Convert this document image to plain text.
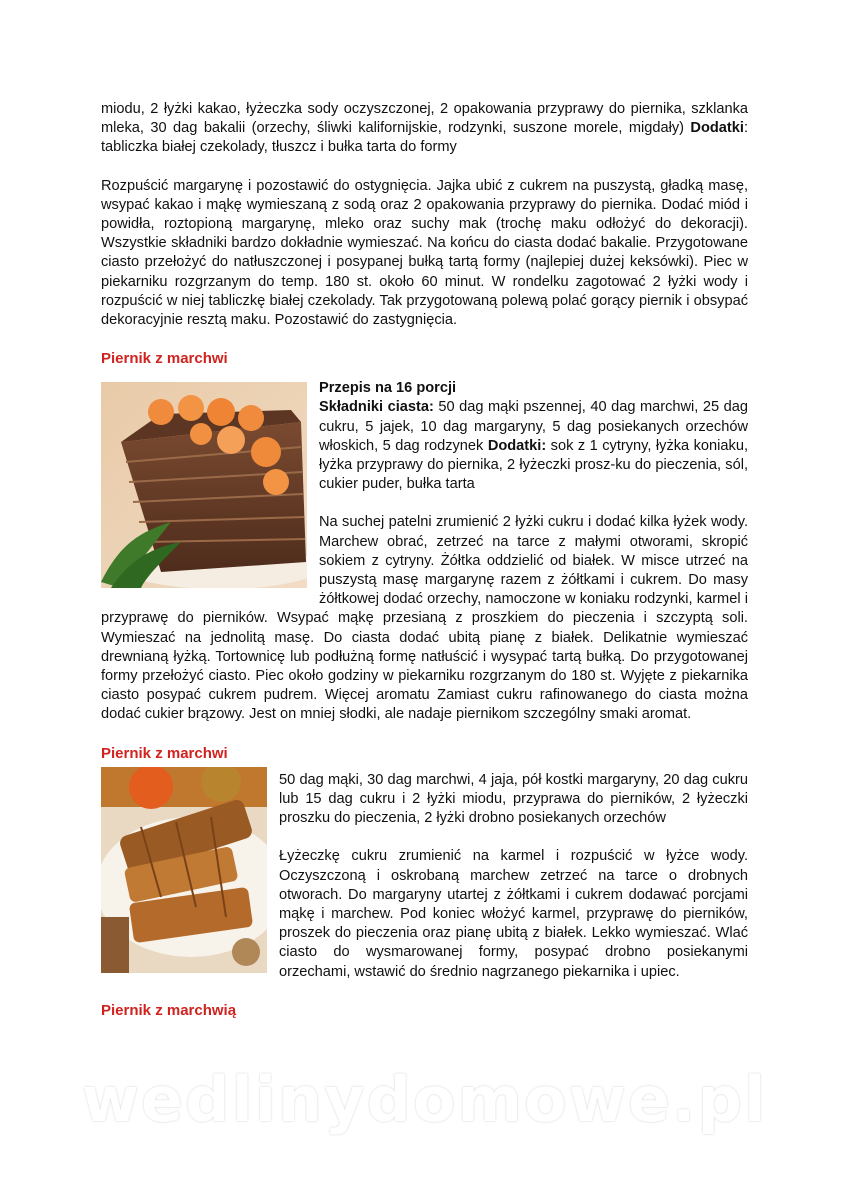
miodu, 2 łyżki kakao, łyżeczka sody oczyszczonej, 2 opakowania przyprawy do piernika, szklanka mleka, 30 dag bakalii (orzechy, śliwki kalifornijskie, rodzynki, suszone morele, migdały) Dodatki: tabliczka białej czekolady, tłuszcz i bułka tarta do formy

Rozpuścić margarynę i pozostawić do ostygnięcia. Jajka ubić z cukrem na puszystą, gładką masę, wsypać kakao i mąkę wymieszaną z sodą oraz 2 opakowania przyprawy do piernika. Dodać miód i powidła, roztopioną margarynę, mleko oraz suchy mak (trochę maku odłożyć do dekoracji). Wszystkie składniki bardzo dokładnie wymieszać. Na końcu do ciasta dodać bakalie. Przygotowane ciasto przełożyć do natłuszczonej i posypanej bułką tartą formy (najlepiej dużej keksówki). Piec w piekarniku rozgrzanym do temp. 180 st. około 60 minut. W rondelku zagotować 2 łyżki wody i rozpuścić w niej tabliczkę białej czekolady. Tak przygotowaną polewą polać gorący piernik i obsypać dekoracyjnie resztą maku. Pozostawić do zastygnięcia.

Piernik z marchwi

Przepis na 16 porcji

Składniki ciasta: 50 dag mąki pszennej, 40 dag marchwi, 25 dag cukru, 5 jajek, 10 dag margaryny, 5 dag posiekanych orzechów włoskich, 5 dag rodzynek Dodatki: sok z 1 cytryny, łyżka koniaku, łyżka przyprawy do piernika, 2 łyżeczki prosz-ku do pieczenia, sól, cukier puder, bułka tarta

Na suchej patelni zrumienić 2 łyżki cukru i dodać kilka łyżek wody. Marchew obrać, zetrzeć na tarce z małymi otworami, skropić sokiem z cytryny. Żółtka oddzielić od białek. W misce utrzeć na puszystą masę margarynę razem z żółtkami i cukrem. Do masy żółtkowej dodać orzechy, namoczone w koniaku rodzynki, karmel i przyprawę do pierników. Wsypać mąkę przesianą z proszkiem do pieczenia i szczyptą soli. Wymieszać na jednolitą masę. Do ciasta dodać ubitą pianę z białek. Delikatnie wymieszać drewnianą łyżką. Tortownicę lub podłużną formę natłuścić i wysypać tartą bułką. Do przygotowanej formy przełożyć ciasto. Piec około godziny w piekarniku rozgrzanym do 180 st. Wyjęte z piekarnika ciasto posypać cukrem pudrem. Więcej aromatu Zamiast cukru rafinowanego do ciasta można dodać cukier brązowy. Jest on mniej słodki, ale nadaje piernikom szczególny smaki aromat.

Piernik z marchwi

50 dag mąki, 30 dag marchwi, 4 jaja, pół kostki margaryny, 20 dag cukru lub 15 dag cukru i 2 łyżki miodu, przyprawa do pierników, 2 łyżeczki proszku do pieczenia, 2 łyżki drobno posiekanych orzechów

Łyżeczkę cukru zrumienić na karmel i rozpuścić w łyżce wody. Oczyszczoną i oskrobaną marchew zetrzeć na tarce o drobnych otworach. Do margaryny utartej z żółtkami i cukrem dodawać porcjami mąkę i marchew. Pod koniec włożyć karmel, przyprawę do pierników, proszek do pieczenia oraz pianę ubitą z białek. Lekko wymieszać. Wlać ciasto do wysmarowanej formy, posypać drobno posiekanymi orzechami, wstawić do średnio nagrzanego piekarnika i upiec.

Piernik z marchwią
wedlinydomowe.pl
